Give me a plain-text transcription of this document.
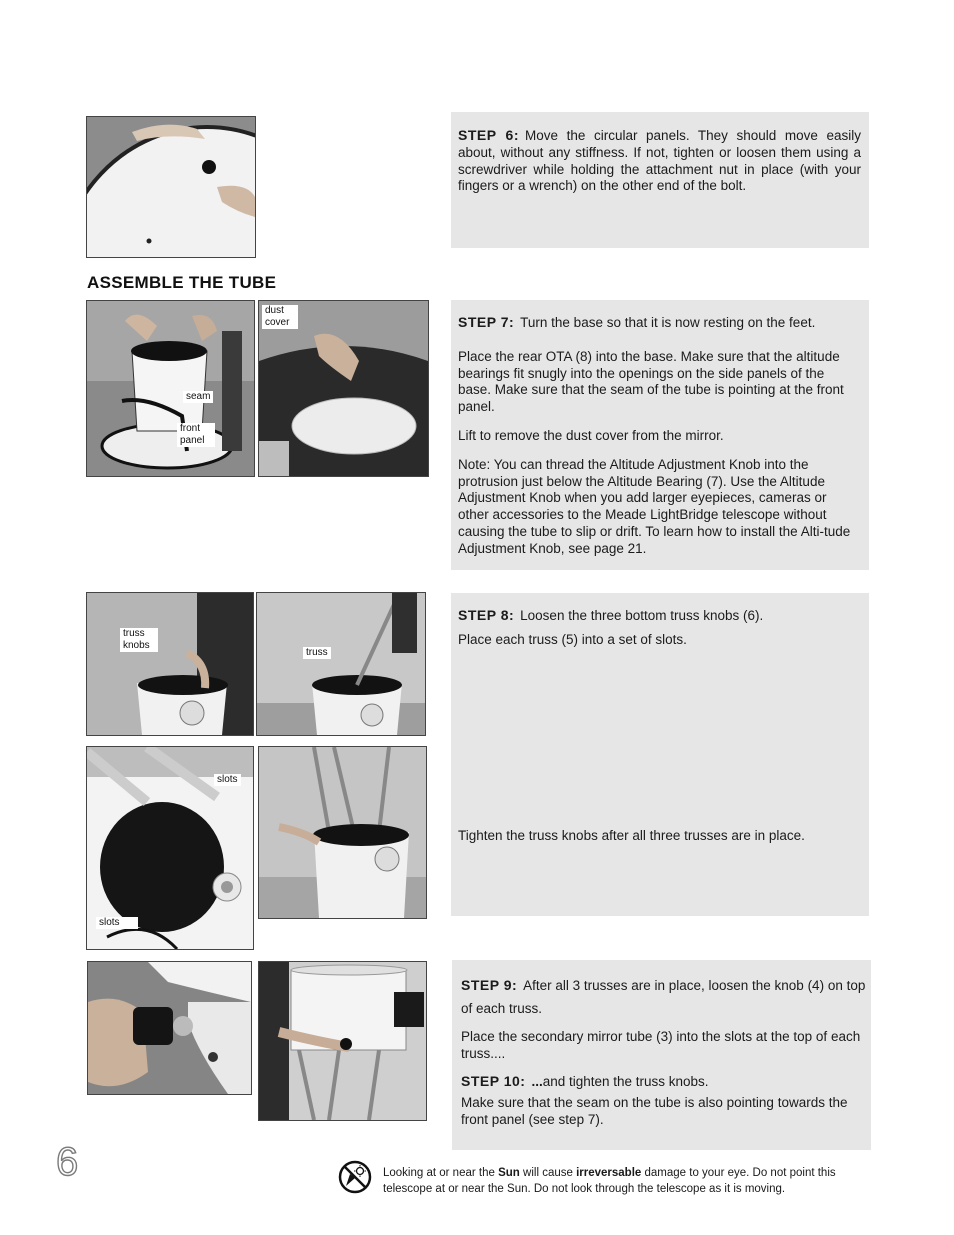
STEP 6: Move the circular panels. They should move easily about, without any stiffness. If not, tighten or loosen them using a screwdriver while holding the attachment nut in place (with your fingers or a wrench) on the other end of the bolt.

ASSEMBLE THE TUBE
seam
front panel
dust cover	STEP 7: Turn the base so that it is now resting on the feet.

Place the rear OTA (8) into the base. Make sure that the altitude bearings fit snugly into the openings on the side panels of the base. Make sure that the seam of the tube is pointing at the front panel.

Lift to remove the dust cover from the mirror.

Note: You can thread the Altitude Adjustment Knob into the protrusion just below the Altitude Bearing (7). Use the Altitude Adjustment Knob when you add larger eyepieces, cameras or other accessories to the Meade LightBridge telescope without causing the tube to slip or drift. To learn how to install the Alti-tude Adjustment Knob, see page 21.

truss knobs
truss
slots
slots

STEP 8: Loosen the three bottom truss knobs (6).

Place each truss (5) into a set of slots.

Tighten the truss knobs after all three trusses are in place.

STEP 9: After all 3 trusses are in place, loosen the knob (4) on top of each truss.

Place the secondary mirror tube (3) into the slots at the top of each truss....

STEP 10: ...and tighten the truss knobs.

Make sure that the seam on the tube is also pointing towards the front panel (see step 7).

6	Looking at or near the Sun will cause irreversable damage to your eye. Do not point this telescope at or near the Sun. Do not look through the telescope as it is moving.
